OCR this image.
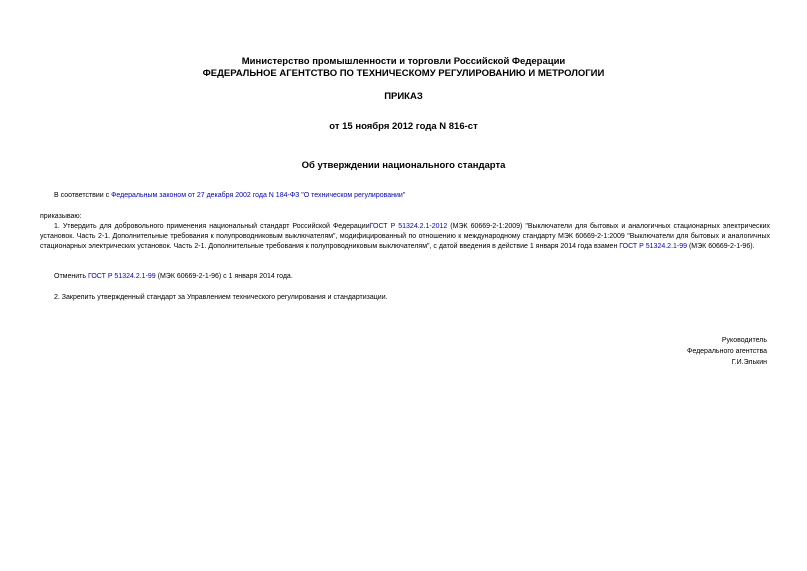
Министерство промышленности и торговли Российской Федерации
ФЕДЕРАЛЬНОЕ АГЕНТСТВО ПО ТЕХНИЧЕСКОМУ РЕГУЛИРОВАНИЮ И МЕТРОЛОГИИ
ПРИКАЗ
от 15 ноября 2012 года N 816-ст
Об утверждении национального стандарта
В соответствии с Федеральным законом от 27 декабря 2002 года N 184-ФЗ "О техническом регулировании"
приказываю:
1. Утвердить для добровольного применения национальный стандарт Российской ФедерацииГОСТ Р 51324.2.1-2012 (МЭК 60669-2-1:2009) "Выключатели для бытовых и аналогичных стационарных электрических установок. Часть 2-1. Дополнительные требования к полупроводниковым выключателям", модифицированный по отношению к международному стандарту МЭК 60669-2-1:2009 "Выключатели для бытовых и аналогичных стационарных электрических установок. Часть 2-1. Дополнительные требования к полупроводниковым выключателям", с датой введения в действие 1 января 2014 года взамен ГОСТ Р 51324.2.1-99 (МЭК 60669-2-1-96).
Отменить ГОСТ Р 51324.2.1-99 (МЭК 60669-2-1-96) с 1 января 2014 года.
2. Закрепить утвержденный стандарт за Управлением технического регулирования и стандартизации.
Руководитель
Федерального агентства
Г.И.Элькин
